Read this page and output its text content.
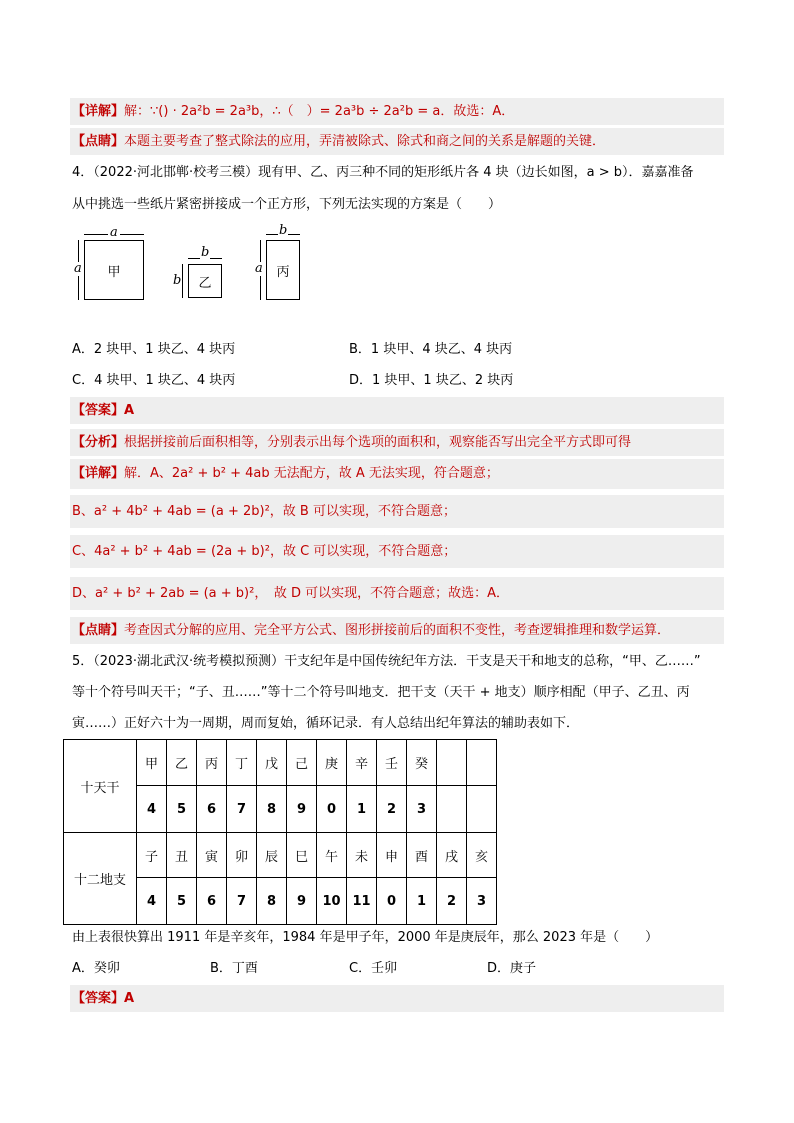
【详解】解：∵() · 2a²b = 2a³b，∴（　）= 2a³b ÷ 2a²b = a．故选：A．
【点睛】本题主要考查了整式除法的应用，弄清被除式、除式和商之间的关系是解题的关键．
4．（2022·河北邯郸·校考三模）现有甲、乙、丙三种不同的矩形纸片各 4 块（边长如图，a > b）．嘉嘉准备
从中挑选一些纸片紧密拼接成一个正方形，下列无法实现的方案是（　　）
甲
a
a
乙
b
b
丙
b
a
A．2 块甲、1 块乙、4 块丙	B．1 块甲、4 块乙、4 块丙
C．4 块甲、1 块乙、4 块丙	D．1 块甲、1 块乙、2 块丙
【答案】A
【分析】根据拼接前后面积相等，分别表示出每个选项的面积和，观察能否写出完全平方式即可得
【详解】解．A、2a² + b² + 4ab 无法配方，故 A 无法实现，符合题意；
B、a² + 4b² + 4ab = (a + 2b)²，故 B 可以实现，不符合题意；
C、4a² + b² + 4ab = (2a + b)²，故 C 可以实现，不符合题意；
D、a² + b² + 2ab = (a + b)²，　故 D 可以实现，不符合题意；故选：A．
【点睛】考查因式分解的应用、完全平方公式、图形拼接前后的面积不变性，考查逻辑推理和数学运算．
5．（2023·湖北武汉·统考模拟预测）干支纪年是中国传统纪年方法．干支是天干和地支的总称，“甲、乙……”
等十个符号叫天干；“子、丑……”等十二个符号叫地支．把干支（天干 + 地支）顺序相配（甲子、乙丑、丙
寅……）正好六十为一周期，周而复始，循环记录．有人总结出纪年算法的辅助表如下．
十天干	甲	乙	丙	丁	戊	己	庚	辛	壬	癸		
	4	5	6	7	8	9	0	1	2	3		
十二地支	子	丑	寅	卯	辰	巳	午	未	申	酉	戌	亥
	4	5	6	7	8	9	10	11	0	1	2	3
由上表很快算出 1911 年是辛亥年，1984 年是甲子年，2000 年是庚辰年，那么 2023 年是（　　）
A．癸卯	B．丁酉	C．壬卯	D．庚子
【答案】A
